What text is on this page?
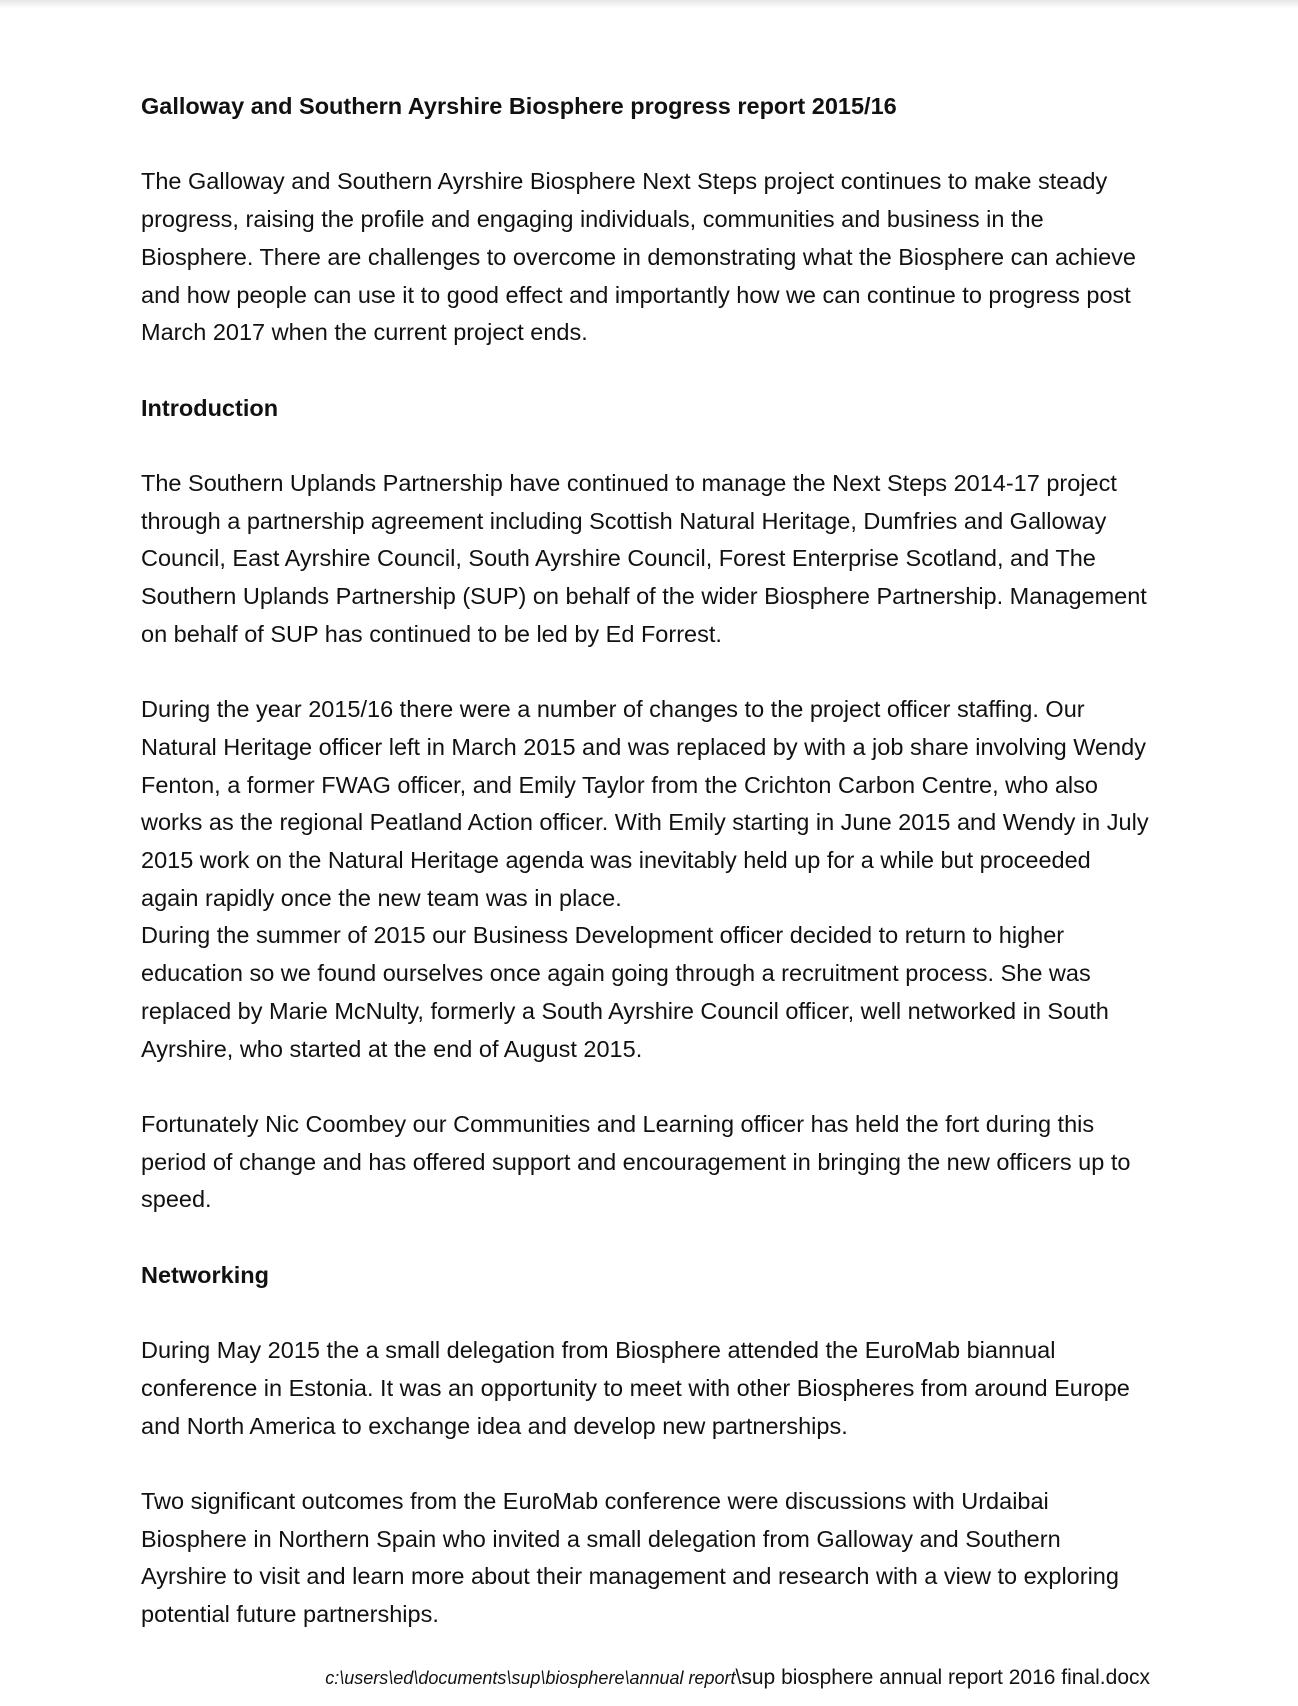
Galloway and Southern Ayrshire Biosphere progress report 2015/16

The Galloway and Southern Ayrshire Biosphere Next Steps project continues to make steady progress, raising the profile and engaging individuals, communities and business in the Biosphere. There are challenges to overcome in demonstrating what the Biosphere can achieve and how people can use it to good effect and importantly how we can continue to progress post March 2017 when the current project ends.

Introduction

The Southern Uplands Partnership have continued to manage the Next Steps 2014-17 project through a partnership agreement including Scottish Natural Heritage, Dumfries and Galloway Council, East Ayrshire Council, South Ayrshire Council, Forest Enterprise Scotland, and The Southern Uplands Partnership (SUP) on behalf of the wider Biosphere Partnership. Management on behalf of SUP has continued to be led by Ed Forrest.

During the year 2015/16 there were a number of changes to the project officer staffing. Our Natural Heritage officer left in March 2015 and was replaced by with a job share involving Wendy Fenton, a former FWAG officer, and Emily Taylor from the Crichton Carbon Centre, who also works as the regional Peatland Action officer. With Emily starting in June 2015 and Wendy in July 2015 work on the Natural Heritage agenda was inevitably held up for a while but proceeded again rapidly once the new team was in place.

During the summer of 2015 our Business Development officer decided to return to higher education so we found ourselves once again going through a recruitment process. She was replaced by Marie McNulty, formerly a South Ayrshire Council officer, well networked in South Ayrshire, who started at the end of August 2015.

Fortunately Nic Coombey our Communities and Learning officer has held the fort during this period of change and has offered support and encouragement in bringing the new officers up to speed.

Networking

During May 2015 the a small delegation from Biosphere attended the EuroMab biannual conference in Estonia. It was an opportunity to meet with other Biospheres from around Europe and North America to exchange idea and develop new partnerships.

Two significant outcomes from the EuroMab conference were discussions with Urdaibai Biosphere in Northern Spain who invited a small delegation from Galloway and Southern Ayrshire to visit and learn more about their management and research with a view to exploring potential future partnerships.

c:\users\ed\documents\sup\biosphere\annual report\sup biosphere annual report 2016 final.docx
